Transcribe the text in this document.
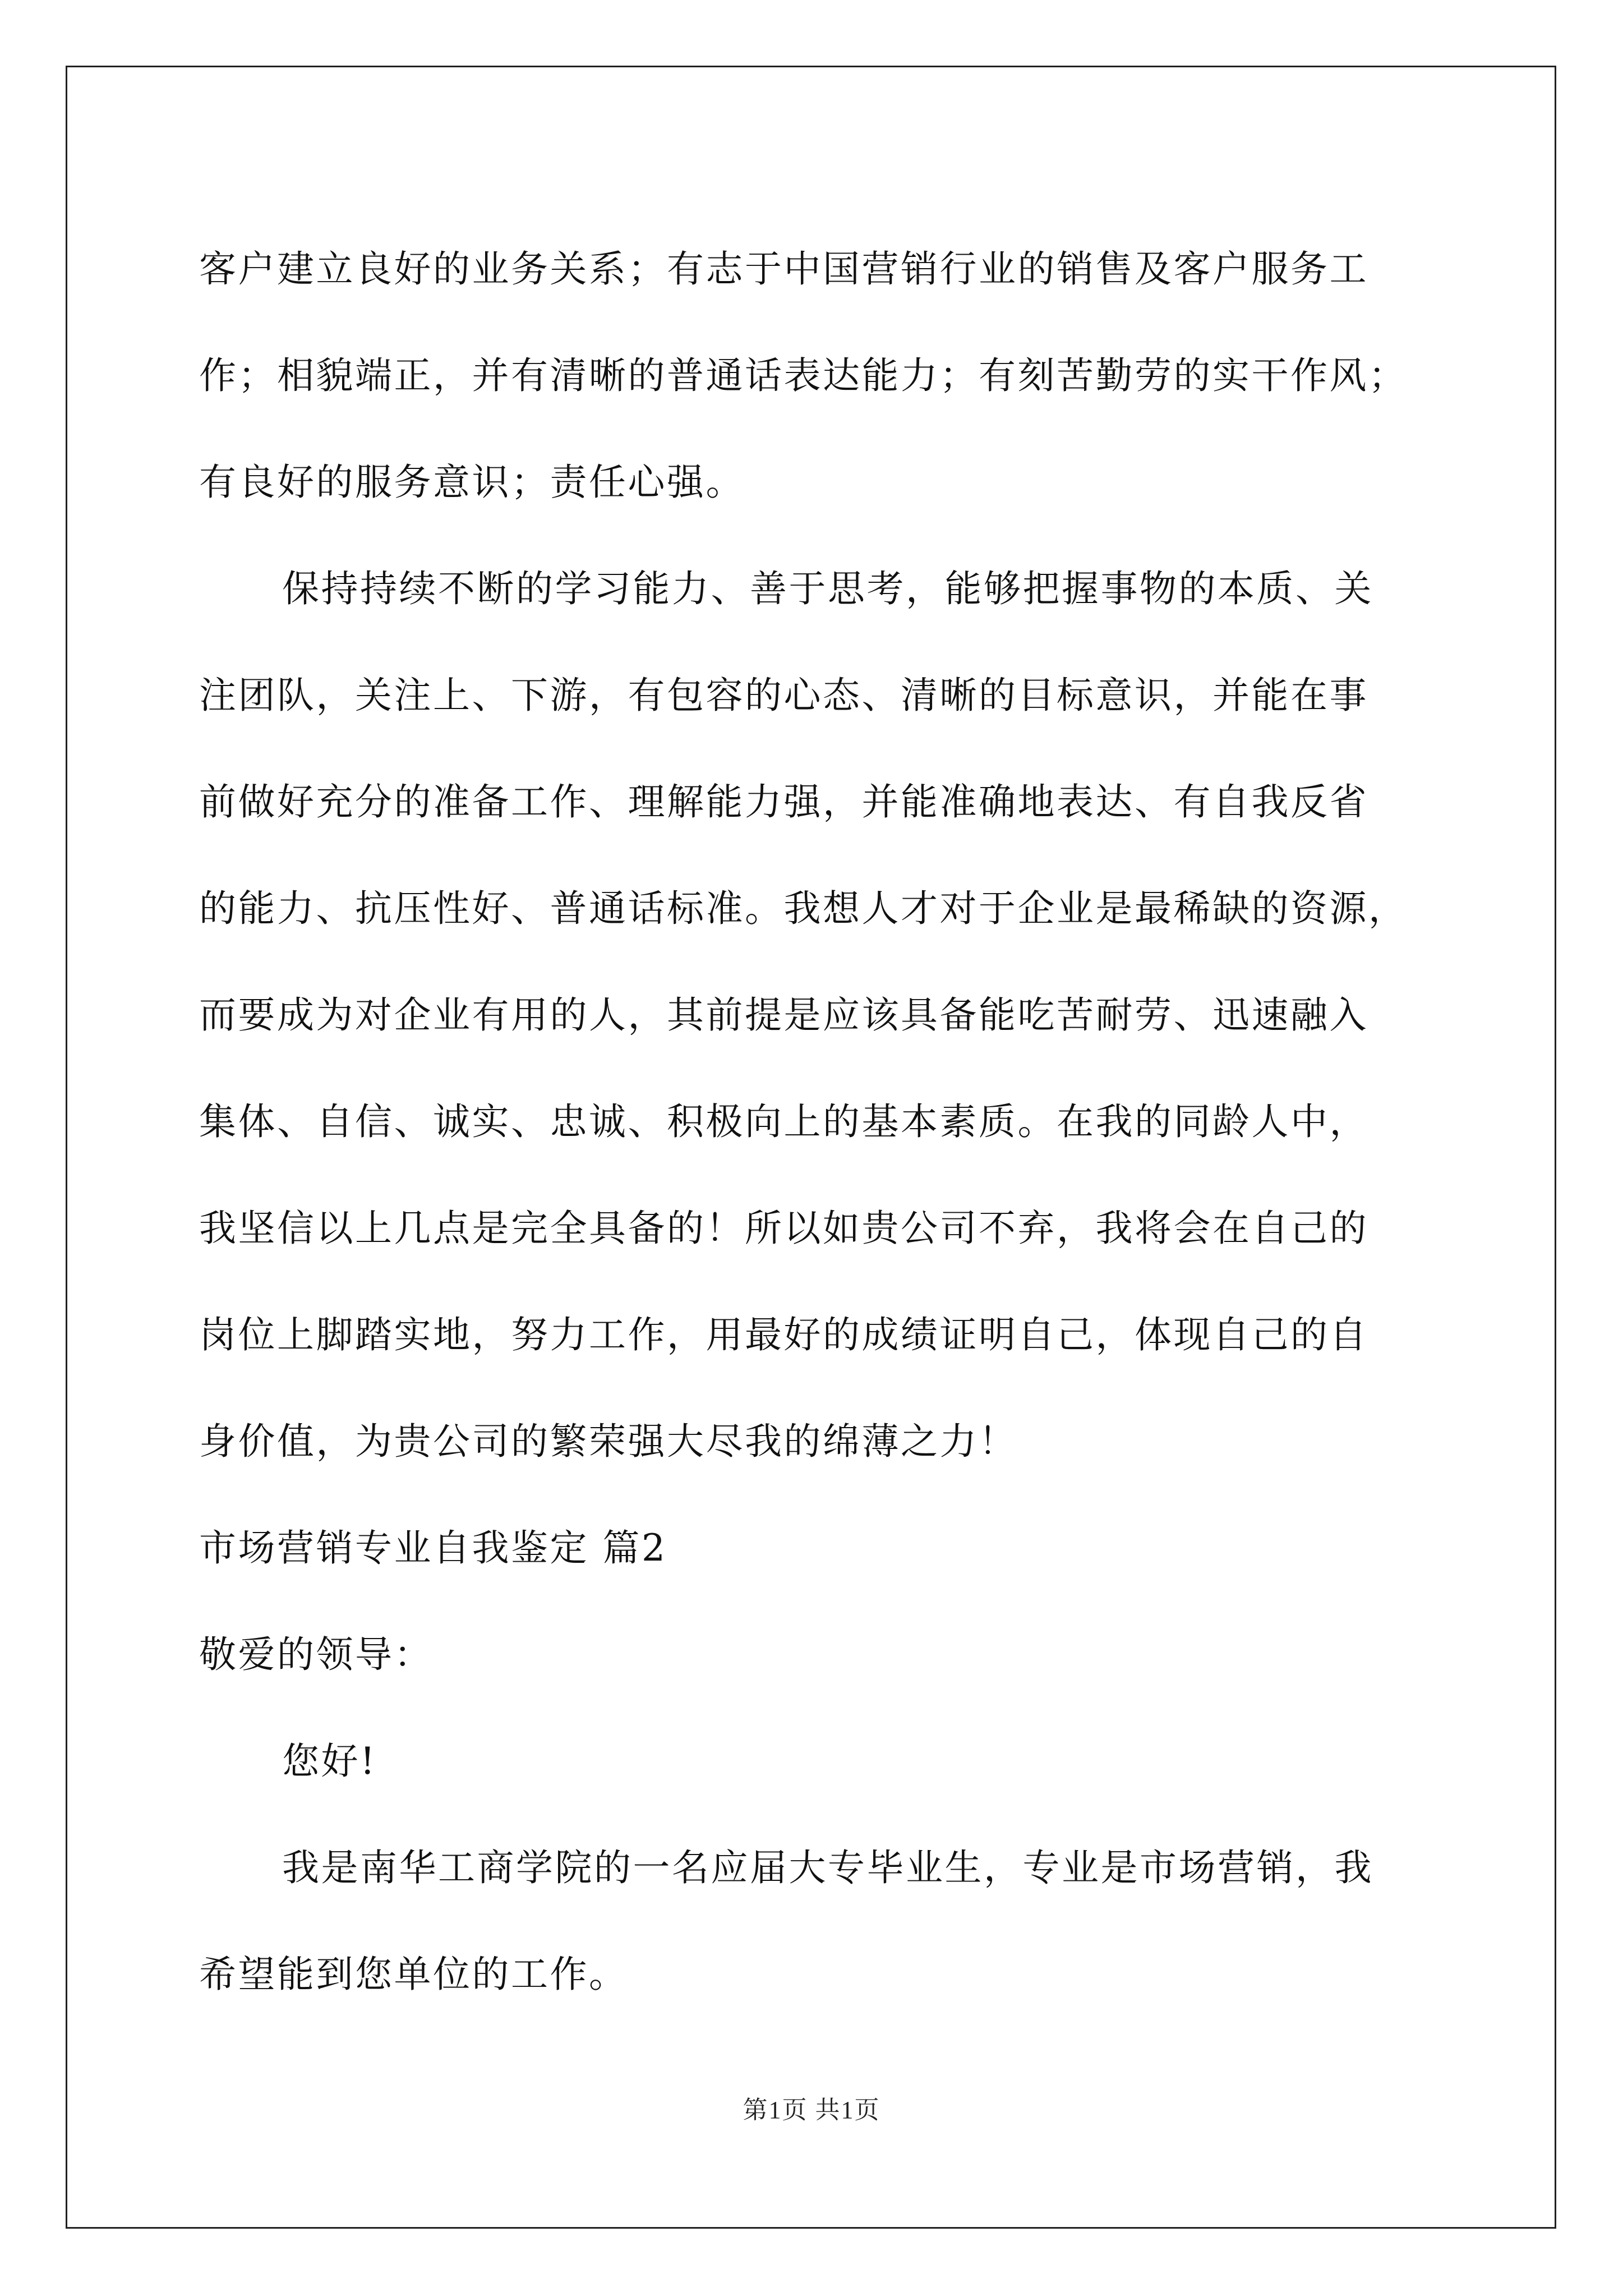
客户建立良好的业务关系；有志于中国营销行业的销售及客户服务工
作；相貌端正，并有清晰的普通话表达能力；有刻苦勤劳的实干作风；
有良好的服务意识；责任心强。
保持持续不断的学习能力、善于思考，能够把握事物的本质、关
注团队，关注上、下游，有包容的心态、清晰的目标意识，并能在事
前做好充分的准备工作、理解能力强，并能准确地表达、有自我反省
的能力、抗压性好、普通话标准。我想人才对于企业是最稀缺的资源，
而要成为对企业有用的人，其前提是应该具备能吃苦耐劳、迅速融入
集体、自信、诚实、忠诚、积极向上的基本素质。在我的同龄人中，
我坚信以上几点是完全具备的！所以如贵公司不弃，我将会在自己的
岗位上脚踏实地，努力工作，用最好的成绩证明自己，体现自己的自
身价值，为贵公司的繁荣强大尽我的绵薄之力！
市场营销专业自我鉴定 篇2
敬爱的领导：
您好!
我是南华工商学院的一名应届大专毕业生，专业是市场营销，我
希望能到您单位的工作。
第1页 共1页
